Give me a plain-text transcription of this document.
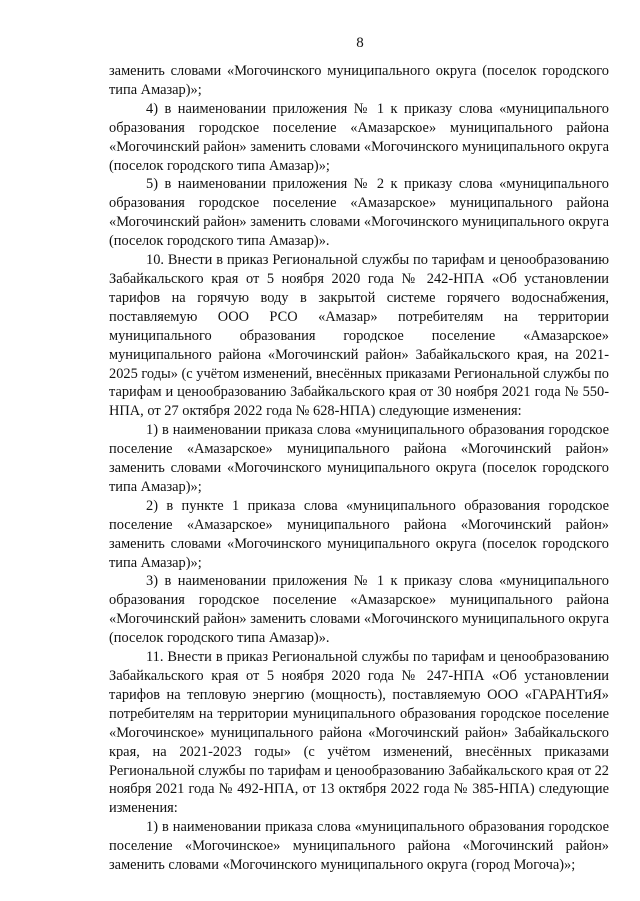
8

заменить словами «Могочинского муниципального округа (поселок городского типа Амазар)»;

4) в наименовании приложения № 1 к приказу слова «муниципального образования городское поселение «Амазарское» муниципального района «Могочинский район» заменить словами «Могочинского муниципального округа (поселок городского типа Амазар)»;

5) в наименовании приложения № 2 к приказу слова «муниципального образования городское поселение «Амазарское» муниципального района «Могочинский район» заменить словами «Могочинского муниципального округа (поселок городского типа Амазар)».

10. Внести в приказ Региональной службы по тарифам и ценообразованию Забайкальского края от 5 ноября 2020 года № 242-НПА «Об установлении тарифов на горячую воду в закрытой системе горячего водоснабжения, поставляемую ООО РСО «Амазар» потребителям на территории муниципального образования городское поселение «Амазарское» муниципального района «Могочинский район» Забайкальского края, на 2021-2025 годы» (с учётом изменений, внесённых приказами Региональной службы по тарифам и ценообразованию Забайкальского края от 30 ноября 2021 года № 550-НПА, от 27 октября 2022 года № 628-НПА) следующие изменения:

1) в наименовании приказа слова «муниципального образования городское поселение «Амазарское» муниципального района «Могочинский район» заменить словами «Могочинского муниципального округа (поселок городского типа Амазар)»;

2) в пункте 1 приказа слова «муниципального образования городское поселение «Амазарское» муниципального района «Могочинский район» заменить словами «Могочинского муниципального округа (поселок городского типа Амазар)»;

3) в наименовании приложения № 1 к приказу слова «муниципального образования городское поселение «Амазарское» муниципального района «Могочинский район» заменить словами «Могочинского муниципального округа (поселок городского типа Амазар)».

11. Внести в приказ Региональной службы по тарифам и ценообразованию Забайкальского края от 5 ноября 2020 года № 247-НПА «Об установлении тарифов на тепловую энергию (мощность), поставляемую ООО «ГАРАНТиЯ» потребителям на территории муниципального образования городское поселение «Могочинское» муниципального района «Могочинский район» Забайкальского края, на 2021-2023 годы» (с учётом изменений, внесённых приказами Региональной службы по тарифам и ценообразованию Забайкальского края от 22 ноября 2021 года № 492-НПА, от 13 октября 2022 года № 385-НПА) следующие изменения:

1) в наименовании приказа слова «муниципального образования городское поселение «Могочинское» муниципального района «Могочинский район» заменить словами «Могочинского муниципального округа (город Могоча)»;
